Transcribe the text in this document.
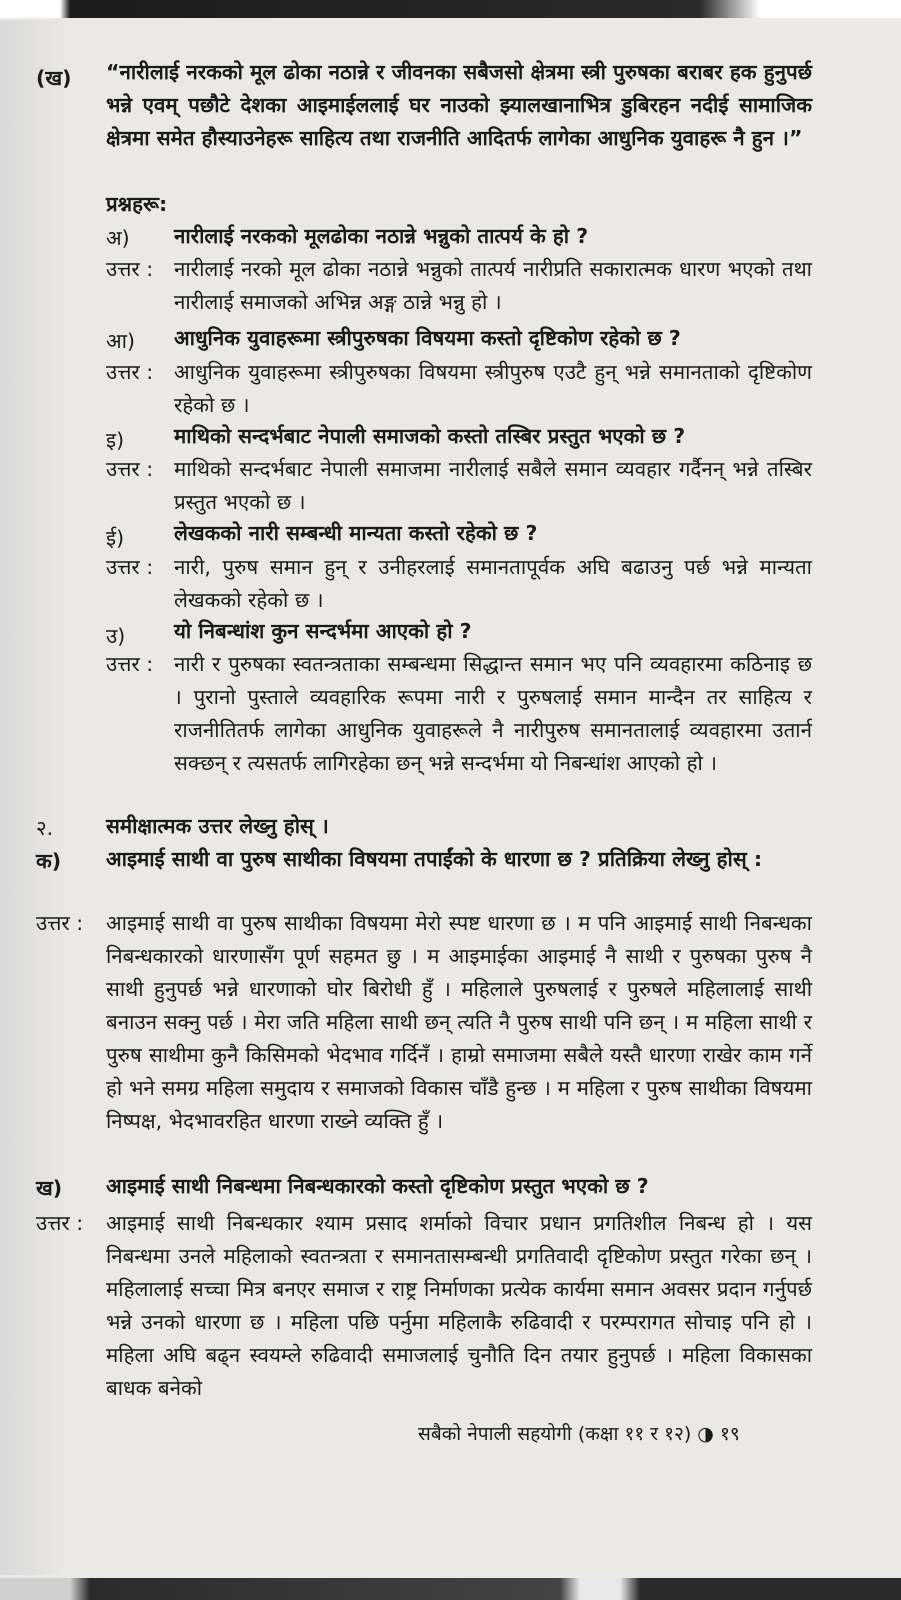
(ख) “नारीलाई नरकको मूल ढोका नठान्ने र जीवनका सबैजसो क्षेत्रमा स्त्री पुरुषका बराबर हक हुनुपर्छ भन्ने एवम् पछौटे देशका आइमाईललाई घर नाउको झ्यालखानाभित्र डुबिरहन नदीई सामाजिक क्षेत्रमा समेत हौस्याउनेहरू साहित्य तथा राजनीति आदितर्फ लागेका आधुनिक युवाहरू नै हुन ।”
प्रश्नहरू:
अ) नारीलाई नरकको मूलढोका नठान्ने भन्नुको तात्पर्य के हो ?
उत्तर : नारीलाई नरको मूल ढोका नठान्ने भन्नुको तात्पर्य नारीप्रति सकारात्मक धारण भएको तथा नारीलाई समाजको अभिन्न अङ्ग ठान्ने भन्नु हो ।
आ) आधुनिक युवाहरूमा स्त्रीपुरुषका विषयमा कस्तो दृष्टिकोण रहेको छ ?
उत्तर : आधुनिक युवाहरूमा स्त्रीपुरुषका विषयमा स्त्रीपुरुष एउटै हुन् भन्ने समानताको दृष्टिकोण रहेको छ ।
इ) माथिको सन्दर्भबाट नेपाली समाजको कस्तो तस्बिर प्रस्तुत भएको छ ?
उत्तर : माथिको सन्दर्भबाट नेपाली समाजमा नारीलाई सबैले समान व्यवहार गर्दैनन् भन्ने तस्बिर प्रस्तुत भएको छ ।
ई) लेखकको नारी सम्बन्धी मान्यता कस्तो रहेको छ ?
उत्तर : नारी, पुरुष समान हुन् र उनीहरलाई समानतापूर्वक अघि बढाउनु पर्छ भन्ने मान्यता लेखकको रहेको छ ।
उ) यो निबन्धांश कुन सन्दर्भमा आएको हो ?
उत्तर : नारी र पुरुषका स्वतन्त्रताका सम्बन्धमा सिद्धान्त समान भए पनि व्यवहारमा कठिनाइ छ । पुरानो पुस्ताले व्यवहारिक रूपमा नारी र पुरुषलाई समान मान्दैन तर साहित्य र राजनीतितर्फ लागेका आधुनिक युवाहरूले नै नारीपुरुष समानतालाई व्यवहारमा उतार्न सक्छन् र त्यसतर्फ लागिरहेका छन् भन्ने सन्दर्भमा यो निबन्धांश आएको हो ।
२.	समीक्षात्मक उत्तर लेख्नु होस् ।
क) आइमाई साथी वा पुरुष साथीका विषयमा तपाईंको के धारणा छ ? प्रतिक्रिया लेख्नु होस् :
उत्तर : आइमाई साथी वा पुरुष साथीका विषयमा मेरो स्पष्ट धारणा छ । म पनि आइमाई साथी निबन्धका निबन्धकारको धारणासँग पूर्ण सहमत छु । म आइमाईका आइमाई नै साथी र पुरुषका पुरुष नै साथी हुनुपर्छ भन्ने धारणाको घोर बिरोधी हुँ । महिलाले पुरुषलाई र पुरुषले महिलालाई साथी बनाउन सक्नु पर्छ । मेरा जति महिला साथी छन् त्यति नै पुरुष साथी पनि छन् । म महिला साथी र पुरुष साथीमा कुनै किसिमको भेदभाव गर्दिनँ । हाम्रो समाजमा सबैले यस्तै धारणा राखेर काम गर्ने हो भने समग्र महिला समुदाय र समाजको विकास चाँडै हुन्छ । म महिला र पुरुष साथीका विषयमा निष्पक्ष, भेदभावरहित धारणा राख्ने व्यक्ति हुँ ।
ख) आइमाई साथी निबन्धमा निबन्धकारको कस्तो दृष्टिकोण प्रस्तुत भएको छ ?
उत्तर : आइमाई साथी निबन्धकार श्याम प्रसाद शर्माको विचार प्रधान प्रगतिशील निबन्ध हो । यस निबन्धमा उनले महिलाको स्वतन्त्रता र समानतासम्बन्धी प्रगतिवादी दृष्टिकोण प्रस्तुत गरेका छन् । महिलालाई सच्चा मित्र बनएर समाज र राष्ट्र निर्माणका प्रत्येक कार्यमा समान अवसर प्रदान गर्नुपर्छ भन्ने उनको धारणा छ । महिला पछि पर्नुमा महिलाकै रुढिवादी र परम्परागत सोचाइ पनि हो । महिला अघि बढ्न स्वयम्ले रुढिवादी समाजलाई चुनौति दिन तयार हुनुपर्छ । महिला विकासका बाधक बनेको
सबैको नेपाली सहयोगी (कक्षा ११ र १२) ◑ १९
